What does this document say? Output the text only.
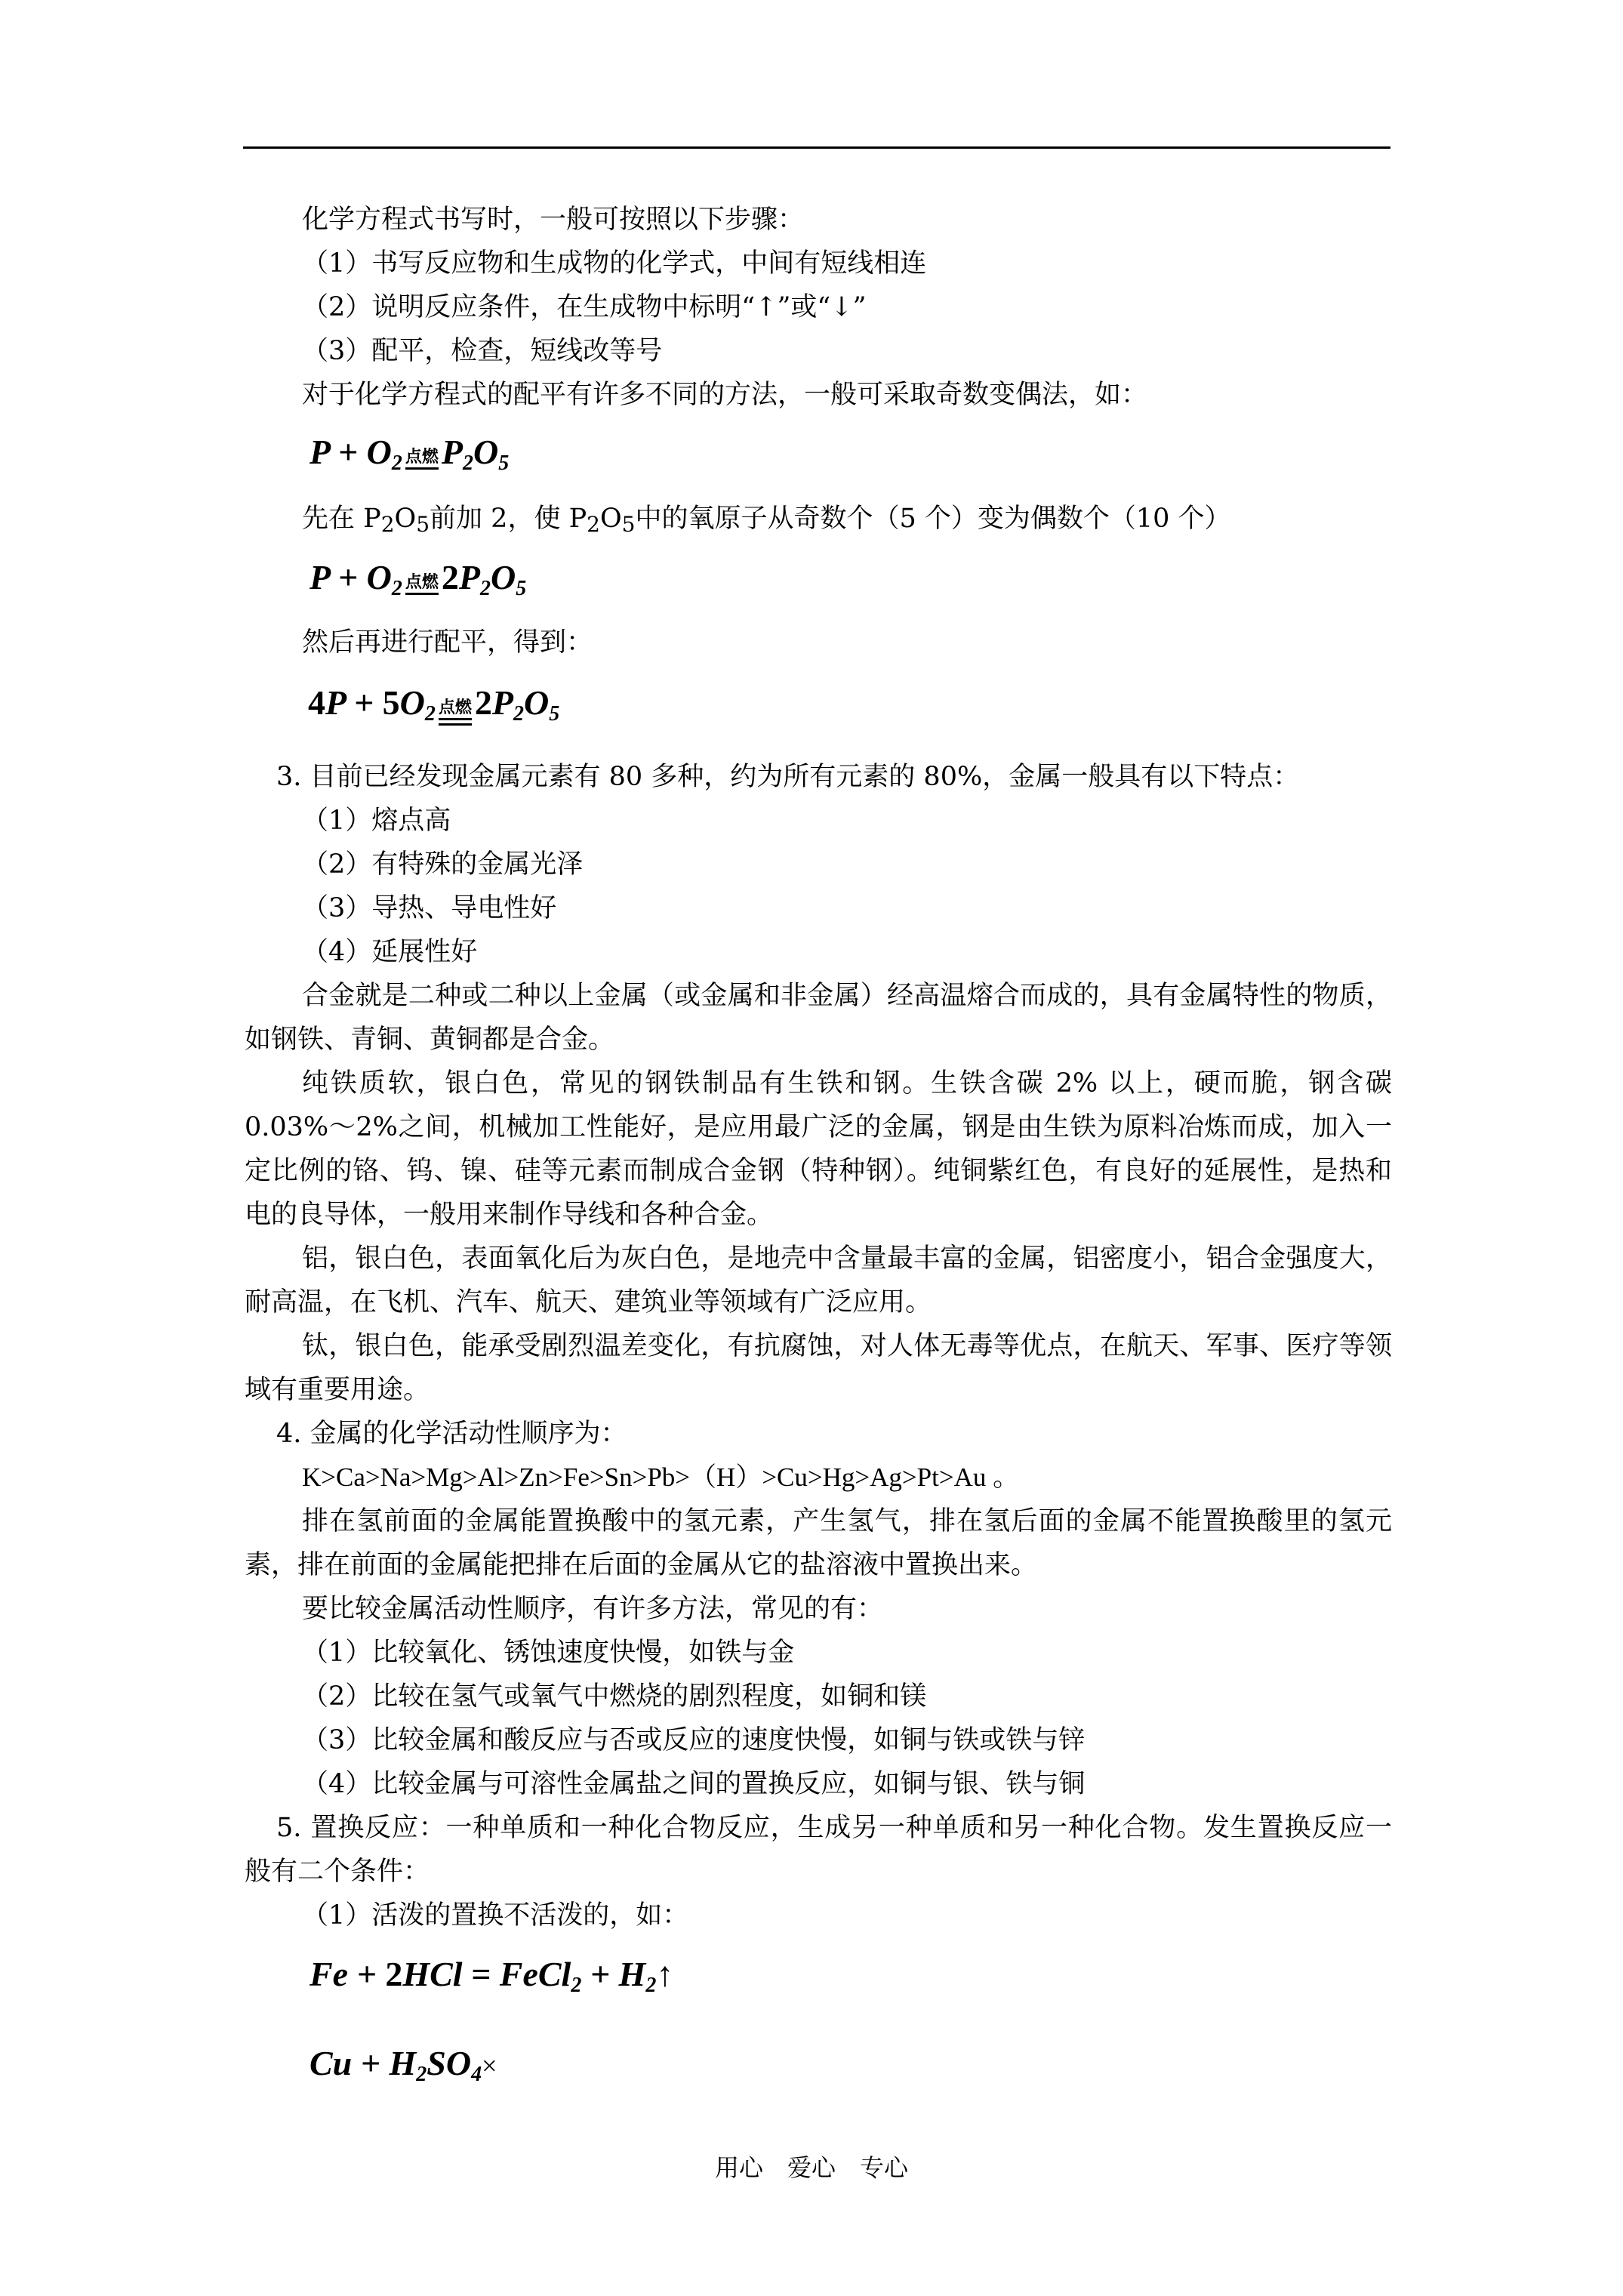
化学方程式书写时，一般可按照以下步骤：
（1）书写反应物和生成物的化学式，中间有短线相连
（2）说明反应条件，在生成物中标明“↑”或“↓”
（3）配平，检查，短线改等号
对于化学方程式的配平有许多不同的方法，一般可采取奇数变偶法，如：
$P + O_2$ 点燃 $P_2O_5$
先在 P2O5前加 2，使 P2O5中的氧原子从奇数个（5 个）变为偶数个（10 个）
$P + O_2$ 点燃 $2P_2O_5$
然后再进行配平，得到：
$4P + 5O_2$ 点燃 $2P_2O_5$
3. 目前已经发现金属元素有 80 多种，约为所有元素的 80%，金属一般具有以下特点：
（1）熔点高
（2）有特殊的金属光泽
（3）导热、导电性好
（4）延展性好

合金就是二种或二种以上金属（或金属和非金属）经高温熔合而成的，具有金属特性的物质，如钢铁、青铜、黄铜都是合金。

纯铁质软，银白色，常见的钢铁制品有生铁和钢。生铁含碳 2% 以上，硬而脆，钢含碳 0.03%～2%之间，机械加工性能好，是应用最广泛的金属，钢是由生铁为原料冶炼而成，加入一定比例的铬、钨、镍、硅等元素而制成合金钢（特种钢）。纯铜紫红色，有良好的延展性，是热和电的良导体，一般用来制作导线和各种合金。

铝，银白色，表面氧化后为灰白色，是地壳中含量最丰富的金属，铝密度小，铝合金强度大，耐高温，在飞机、汽车、航天、建筑业等领域有广泛应用。

钛，银白色，能承受剧烈温差变化，有抗腐蚀，对人体无毒等优点，在航天、军事、医疗等领域有重要用途。

4. 金属的化学活动性顺序为：
K>Ca>Na>Mg>Al>Zn>Fe>Sn>Pb>（H）>Cu>Hg>Ag>Pt>Au 。

排在氢前面的金属能置换酸中的氢元素，产生氢气，排在氢后面的金属不能置换酸里的氢元素，排在前面的金属能把排在后面的金属从它的盐溶液中置换出来。

要比较金属活动性顺序，有许多方法，常见的有：
（1）比较氧化、锈蚀速度快慢，如铁与金
（2）比较在氢气或氧气中燃烧的剧烈程度，如铜和镁
（3）比较金属和酸反应与否或反应的速度快慢，如铜与铁或铁与锌
（4）比较金属与可溶性金属盐之间的置换反应，如铜与银、铁与铜

5. 置换反应：一种单质和一种化合物反应，生成另一种单质和另一种化合物。发生置换反应一般有二个条件：

（1）活泼的置换不活泼的，如：
Fe + 2HCl = FeCl$_2$ + $H_2↑$
$Cu + H_2SO_4\times$
用心　爱心　专心
